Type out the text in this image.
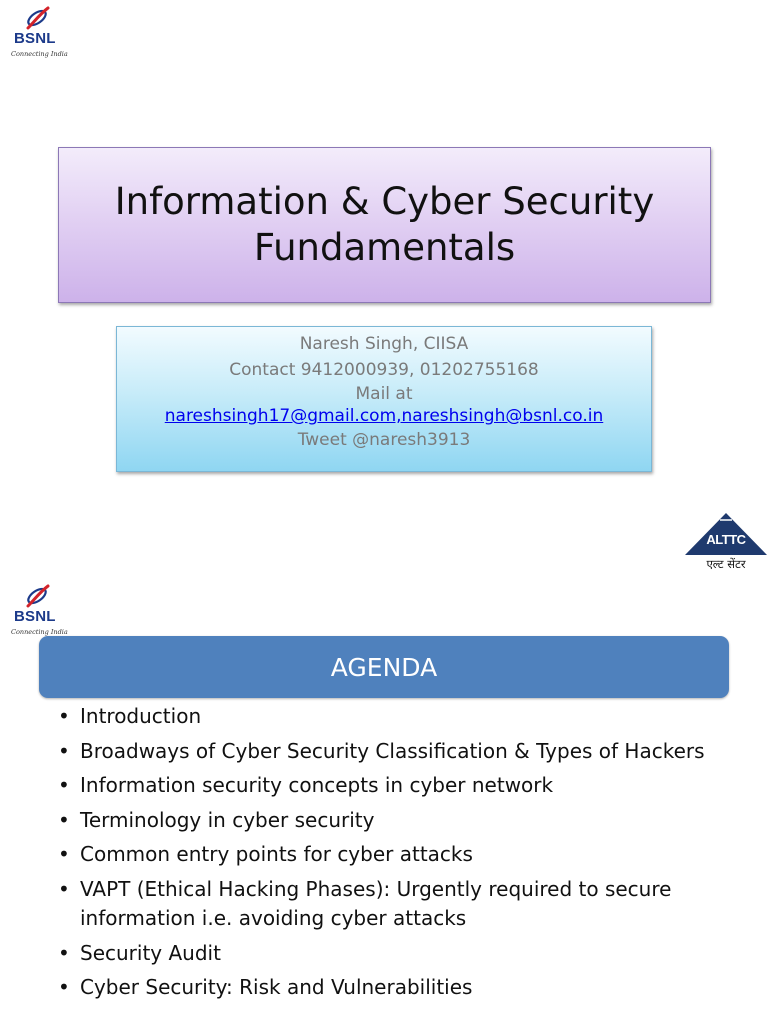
BSNL
Connecting India
Information & Cyber Security Fundamentals
Naresh Singh, CIISA
Contact 9412000939, 01202755168
Mail at
nareshsingh17@gmail.com,nareshsingh@bsnl.co.in
Tweet @naresh3913
ALTTC
एल्ट सेंटर
BSNL
Connecting India
AGENDA
• Introduction
• Broadways of Cyber Security Classification & Types of Hackers
• Information security concepts in cyber network
• Terminology in cyber security
• Common entry points for cyber attacks
• VAPT (Ethical Hacking Phases): Urgently required to secure information i.e. avoiding cyber attacks
• Security Audit
• Cyber Security: Risk and Vulnerabilities
